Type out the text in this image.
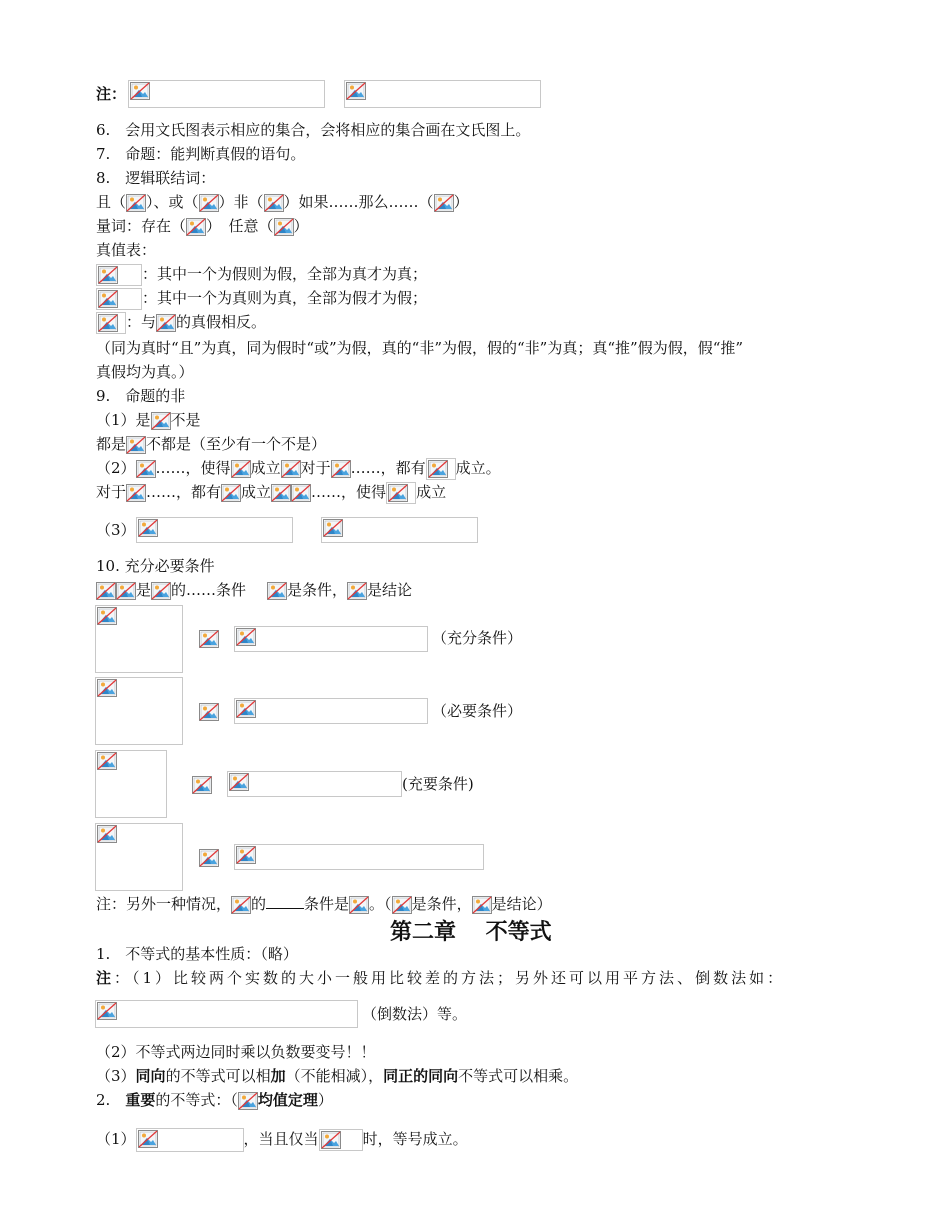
注：
6.　会用文氏图表示相应的集合，会将相应的集合画在文氏图上。
7.　命题：能判断真假的语句。
8.　逻辑联结词：
且（ ）、或（ ）非（ ）如果……那么……（ ）
量词：存在（ ）　任意（ ）
真值表：
：其中一个为假则为假，全部为真才为真；
：其中一个为真则为真，全部为假才为假；
：与 的真假相反。
（同为真时“且”为真，同为假时“或”为假，真的“非”为假，假的“非”为真；真“推”假为假，假“推”
真假均为真。）
9.　命题的非
（1）是 不是
都是 不都是（至少有一个不是）
（2） ……，使得 成立 对于 ……，都有 成立。
对于 ……，都有 成立	……，使得 成立
（3）
10. 充分必要条件
是 的……条件　
是条件， 是结论
（充分条件）
（必要条件）
(充要条件)
注：另外一种情况， 的	条件是 。（ 是条件， 是结论）
第二章　 不等式
1.　不等式的基本性质：（略）
注：（1）比较两个实数的大小一般用比较差的方法；另外还可以用平方法、倒数法如：
（倒数法）等。
（2）不等式两边同时乘以负数要变号！！
（3）同向的不等式可以相加（不能相减），同正的同向不等式可以相乘。
2.　重要的不等式：（ 均值定理）
（1）	，当且仅当	时，等号成立。
